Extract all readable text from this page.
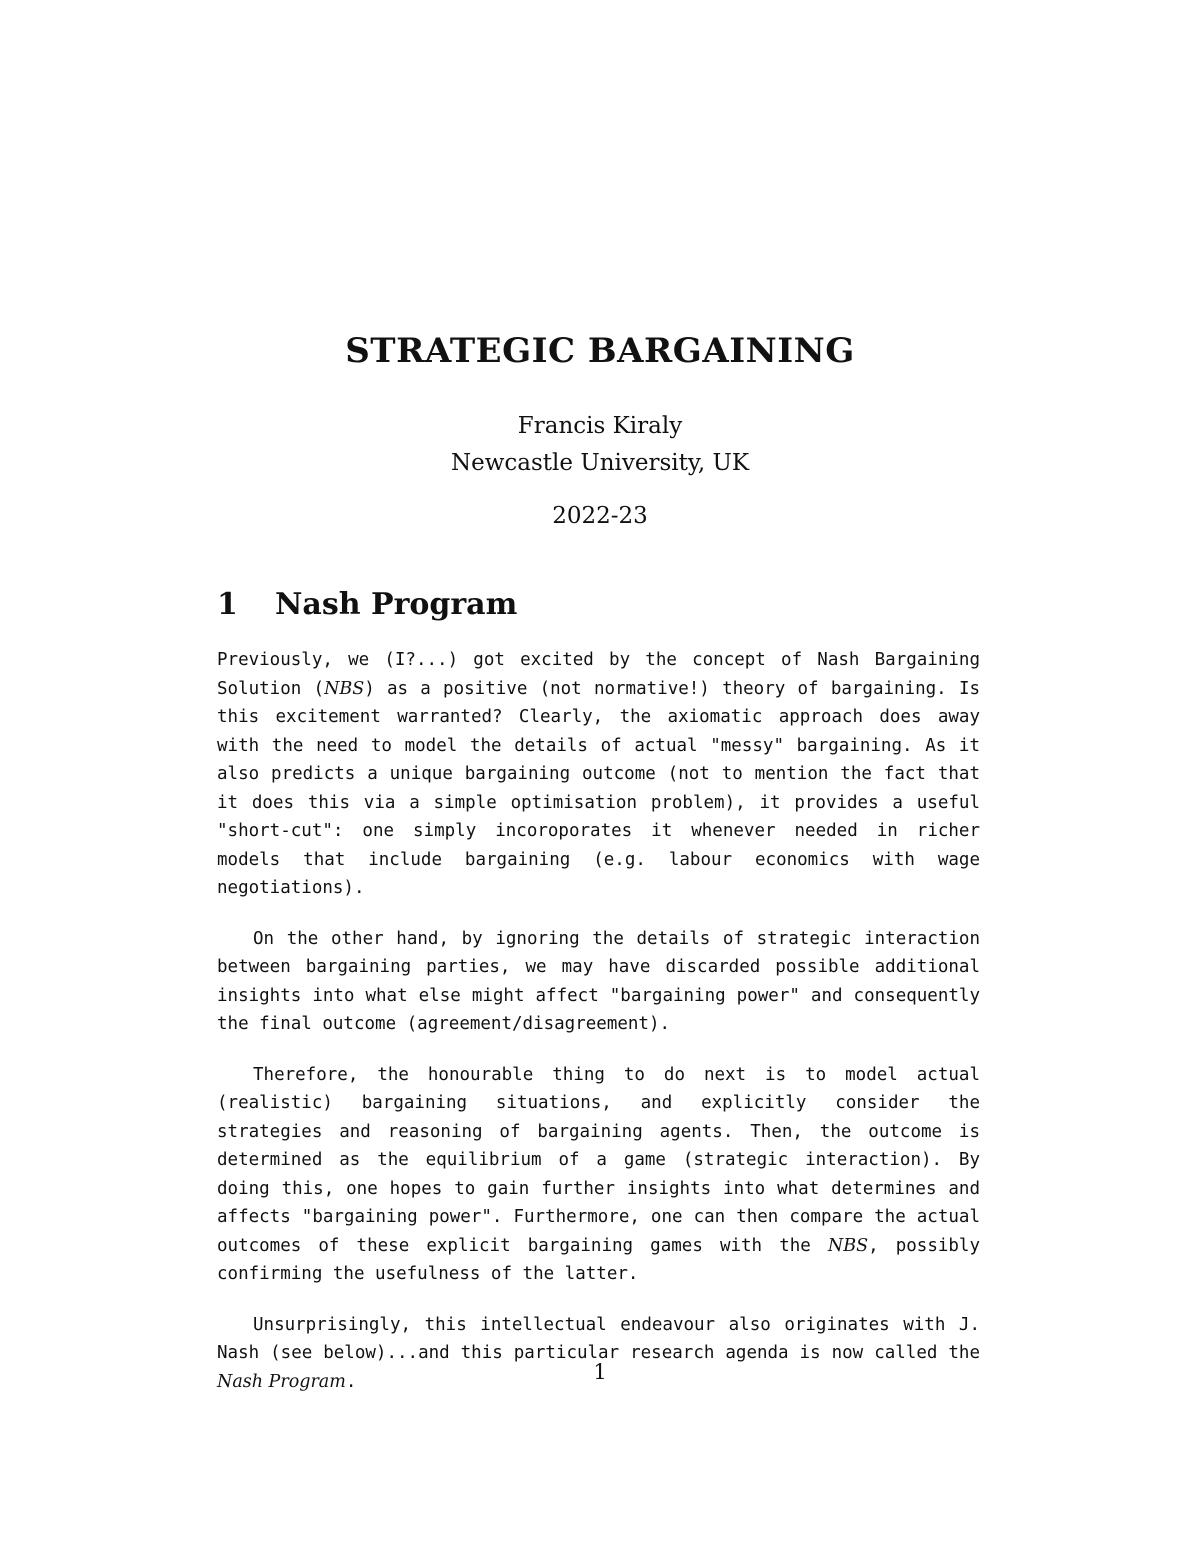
STRATEGIC BARGAINING
Francis Kiraly
Newcastle University, UK
2022-23
1 Nash Program

Previously, we (I?...) got excited by the concept of Nash Bargaining Solution (NBS) as a positive (not normative!) theory of bargaining. Is this excitement warranted? Clearly, the axiomatic approach does away with the need to model the details of actual "messy" bargaining. As it also predicts a unique bargaining outcome (not to mention the fact that it does this via a simple optimisation problem), it provides a useful "short-cut": one simply incoroporates it whenever needed in richer models that include bargaining (e.g. labour economics with wage negotiations).

On the other hand, by ignoring the details of strategic interaction between bargaining parties, we may have discarded possible additional insights into what else might affect "bargaining power" and consequently the final outcome (agreement/disagreement).

Therefore, the honourable thing to do next is to model actual (realistic) bargaining situations, and explicitly consider the strategies and reasoning of bargaining agents. Then, the outcome is determined as the equilibrium of a game (strategic interaction). By doing this, one hopes to gain further insights into what determines and affects "bargaining power". Furthermore, one can then compare the actual outcomes of these explicit bargaining games with the NBS, possibly confirming the usefulness of the latter.

Unsurprisingly, this intellectual endeavour also originates with J. Nash (see below)...and this particular research agenda is now called the Nash Program.	1
